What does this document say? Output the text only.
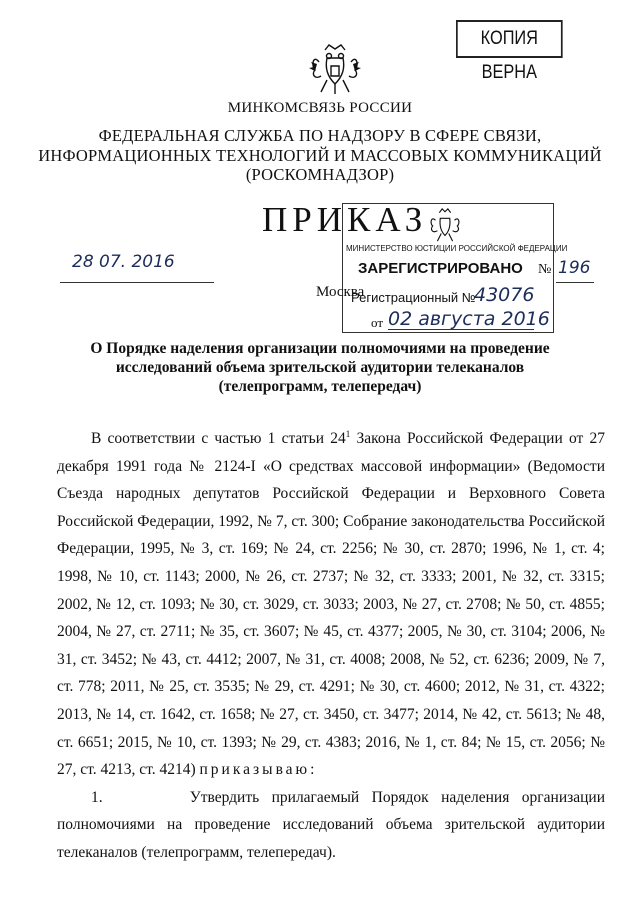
КОПИЯ ВЕРНА
МИНКОМСВЯЗЬ РОССИИ
ФЕДЕРАЛЬНАЯ СЛУЖБА ПО НАДЗОРУ В СФЕРЕ СВЯЗИ,
ИНФОРМАЦИОННЫХ ТЕХНОЛОГИЙ И МАССОВЫХ КОММУНИКАЦИЙ
(РОСКОМНАДЗОР)
ПРИКАЗ
МИНИСТЕРСТВО ЮСТИЦИИ РОССИЙСКОЙ ФЕДЕРАЦИИ
ЗАРЕГИСТРИРОВАНО № 196
Регистрационный №
43076
от 02 августа 2016
28 07. 2016
Москва
О Порядке наделения организации полномочиями на проведение
исследований объема зрительской аудитории телеканалов
(телепрограмм, телепередач)

В соответствии с частью 1 статьи $24^1$ Закона Российской Федерации от 27 декабря 1991 года № 2124-I «О средствах массовой информации» (Ведомости Съезда народных депутатов Российской Федерации и Верховного Совета Российской Федерации, 1992, № 7, ст. 300; Собрание законодательства Российской Федерации, 1995, № 3, ст. 169; № 24, ст. 2256; № 30, ст. 2870; 1996, № 1, ст. 4; 1998, № 10, ст. 1143; 2000, № 26, ст. 2737; № 32, ст. 3333; 2001, № 32, ст. 3315; 2002, № 12, ст. 1093; № 30, ст. 3029, ст. 3033; 2003, № 27, ст. 2708; № 50, ст. 4855; 2004, № 27, ст. 2711; № 35, ст. 3607; № 45, ст. 4377; 2005, № 30, ст. 3104; 2006, № 31, ст. 3452; № 43, ст. 4412; 2007, № 31, ст. 4008; 2008, № 52, ст. 6236; 2009, № 7, ст. 778; 2011, № 25, ст. 3535; № 29, ст. 4291; № 30, ст. 4600; 2012, № 31, ст. 4322; 2013, № 14, ст. 1642, ст. 1658; № 27, ст. 3450, ст. 3477; 2014, № 42, ст. 5613; № 48, ст. 6651; 2015, № 10, ст. 1393; № 29, ст. 4383; 2016, № 1, ст. 84; № 15, ст. 2056; № 27, ст. 4213, ст. 4214) приказываю:

1.	Утвердить прилагаемый Порядок наделения организации полномочиями на проведение исследований объема зрительской аудитории телеканалов (телепрограмм, телепередач).
